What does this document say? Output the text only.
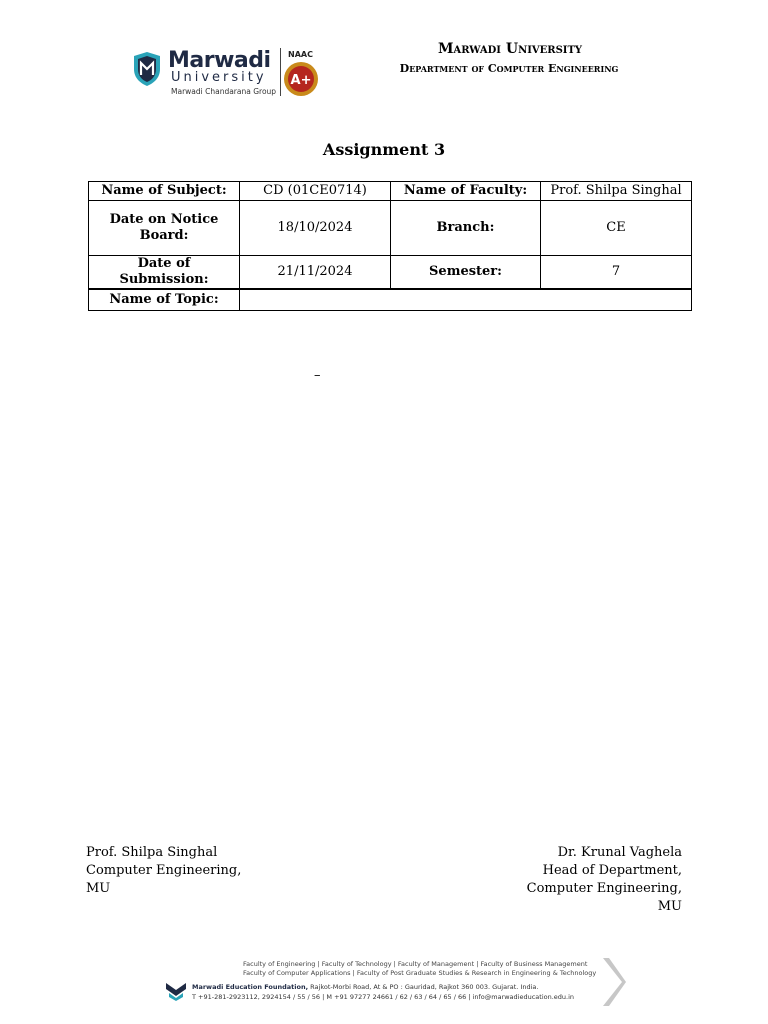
Marwadi
University
Marwadi Chandarana Group
NAAC
A+
Marwadi University
Department of Computer Engineering
Assignment 3
Name of Subject:	CD (01CE0714)	Name of Faculty:	Prof. Shilpa Singhal
Date on Notice Board:	18/10/2024	Branch:	CE
Date of Submission:	21/11/2024	Semester:	7
Name of Topic:			
–
Prof. Shilpa Singhal
Computer Engineering,
MU
Dr. Krunal Vaghela
Head of Department,
Computer Engineering,
MU
Faculty of Engineering | Faculty of Technology | Faculty of Management | Faculty of Business Management
Faculty of Computer Applications | Faculty of Post Graduate Studies & Research in Engineering & Technology
Marwadi Education Foundation, Rajkot-Morbi Road, At & PO : Gauridad, Rajkot 360 003. Gujarat. India.
T +91-281-2923112, 2924154 / 55 / 56 | M +91 97277 24661 / 62 / 63 / 64 / 65 / 66 | info@marwadieducation.edu.in
